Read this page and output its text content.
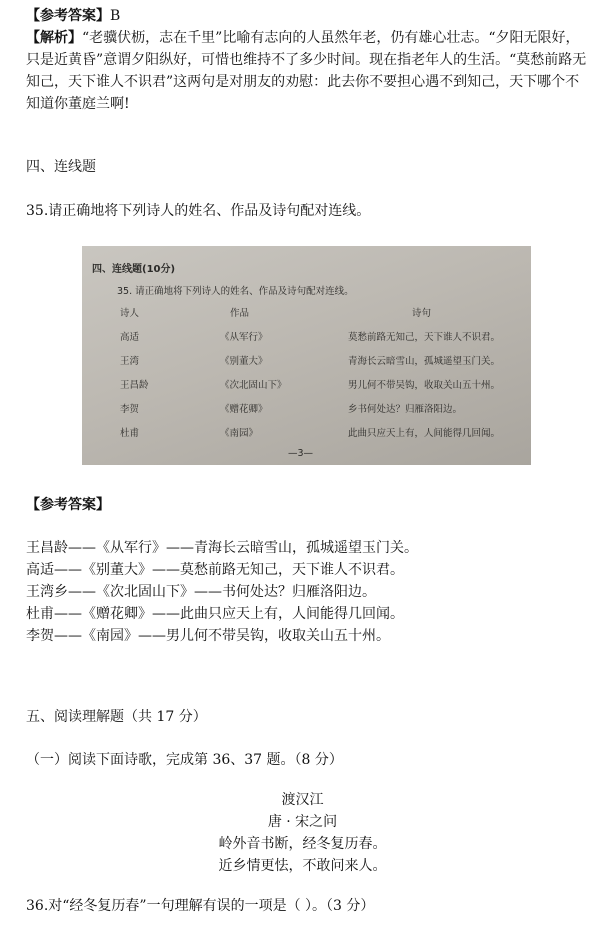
【参考答案】B
【解析】“老骥伏枥，志在千里”比喻有志向的人虽然年老，仍有雄心壮志。“夕阳无限好，
只是近黄昏”意谓夕阳纵好，可惜也维持不了多少时间。现在指老年人的生活。“莫愁前路无
知己，天下谁人不识君”这两句是对朋友的劝慰：此去你不要担心遇不到知己，天下哪个不
知道你董庭兰啊!
四、连线题
35.请正确地将下列诗人的姓名、作品及诗句配对连线。
四、连线题(10分)
35. 请正确地将下列诗人的姓名、作品及诗句配对连线。
诗人	作品	诗句
高适	《从军行》	莫愁前路无知己，天下谁人不识君。
王湾	《别董大》	青海长云暗雪山，孤城遥望玉门关。
王昌龄	《次北固山下》	男儿何不带吴钩，收取关山五十州。
李贺	《赠花卿》	乡书何处达？归雁洛阳边。
杜甫	《南园》	此曲只应天上有，人间能得几回闻。
—3—
【参考答案】
王昌龄——《从军行》——青海长云暗雪山，孤城遥望玉门关。
高适——《别董大》——莫愁前路无知己，天下谁人不识君。
王湾乡——《次北固山下》——书何处达？归雁洛阳边。
杜甫——《赠花卿》——此曲只应天上有，人间能得几回闻。
李贺——《南园》——男儿何不带吴钩，收取关山五十州。
五、阅读理解题（共 17 分）
（一）阅读下面诗歌，完成第 36、37 题。（8 分）
渡汉江
唐 · 宋之问
岭外音书断，经冬复历春。
近乡情更怯，不敢问来人。
36.对“经冬复历春”一句理解有误的一项是（ ）。（3 分）
